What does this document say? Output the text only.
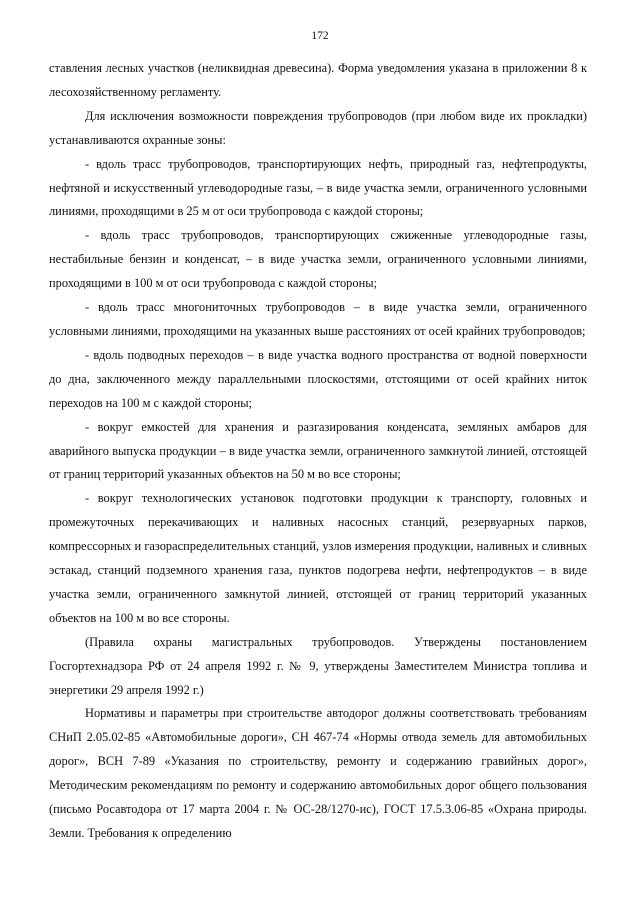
172

ставления лесных участков (неликвидная древесина). Форма уведомления указана в приложении 8 к лесохозяйственному регламенту.

Для исключения возможности повреждения трубопроводов (при любом виде их прокладки) устанавливаются охранные зоны:

- вдоль трасс трубопроводов, транспортирующих нефть, природный газ, нефтепродукты, нефтяной и искусственный углеводородные газы, – в виде участка земли, ограниченного условными линиями, проходящими в 25 м от оси трубопровода с каждой стороны;

- вдоль трасс трубопроводов, транспортирующих сжиженные углеводородные газы, нестабильные бензин и конденсат, – в виде участка земли, ограниченного условными линиями, проходящими в 100 м от оси трубопровода с каждой стороны;

- вдоль трасс многониточных трубопроводов – в виде участка земли, ограниченного условными линиями, проходящими на указанных выше расстояниях от осей крайних трубопроводов;

- вдоль подводных переходов – в виде участка водного пространства от водной поверхности до дна, заключенного между параллельными плоскостями, отстоящими от осей крайних ниток переходов на 100 м с каждой стороны;

- вокруг емкостей для хранения и разгазирования конденсата, земляных амбаров для аварийного выпуска продукции – в виде участка земли, ограниченного замкнутой линией, отстоящей от границ территорий указанных объектов на 50 м во все стороны;

- вокруг технологических установок подготовки продукции к транспорту, головных и промежуточных перекачивающих и наливных насосных станций, резервуарных парков, компрессорных и газораспределительных станций, узлов измерения продукции, наливных и сливных эстакад, станций подземного хранения газа, пунктов подогрева нефти, нефтепродуктов – в виде участка земли, ограниченного замкнутой линией, отстоящей от границ территорий указанных объектов на 100 м во все стороны.

(Правила охраны магистральных трубопроводов. Утверждены постановлением Госгортехнадзора РФ от 24 апреля 1992 г. № 9, утверждены Заместителем Министра топлива и энергетики 29 апреля 1992 г.)

Нормативы и параметры при строительстве автодорог должны соответствовать требованиям СНиП 2.05.02-85 «Автомобильные дороги», СН 467-74 «Нормы отвода земель для автомобильных дорог», ВСН 7-89 «Указания по строительству, ремонту и содержанию гравийных дорог», Методическим рекомендациям по ремонту и содержанию автомобильных дорог общего пользования (письмо Росавтодора от 17 марта 2004 г. № ОС-28/1270-ис), ГОСТ 17.5.3.06-85 «Охрана природы. Земли. Требования к определению
